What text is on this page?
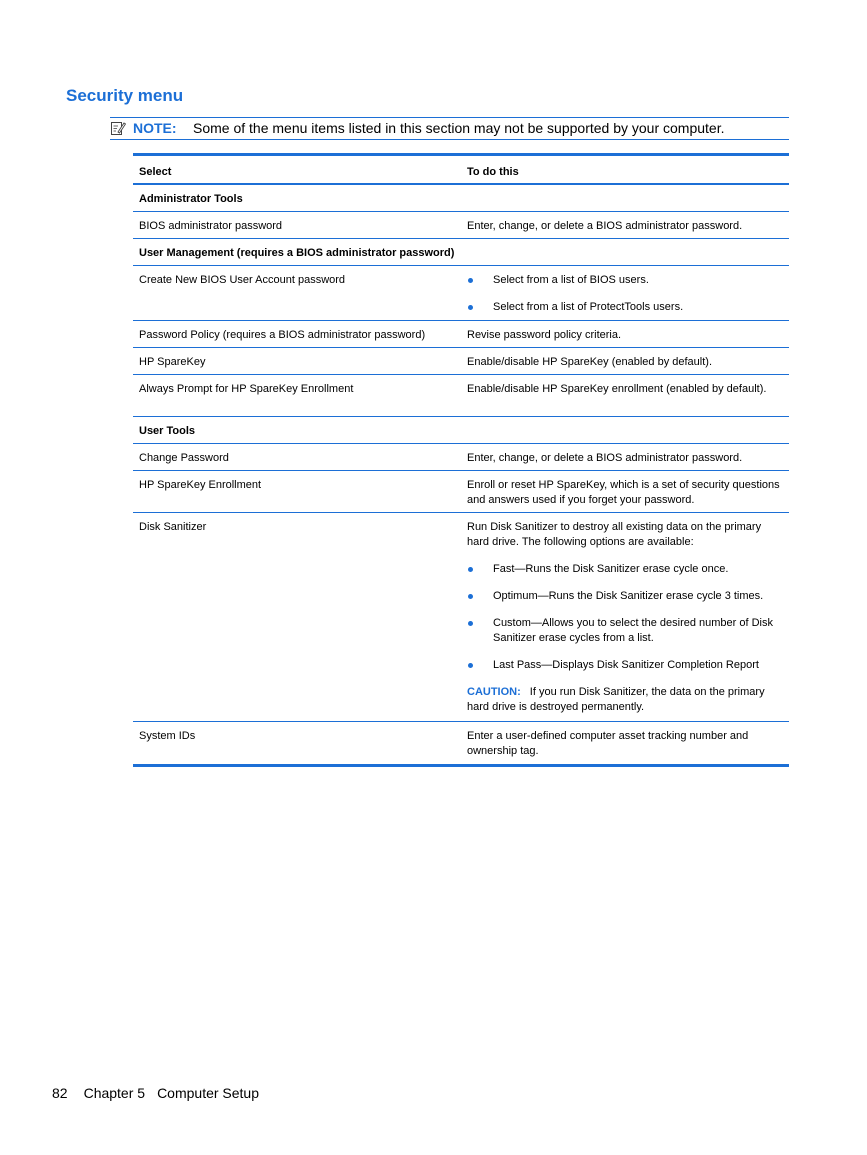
Security menu
NOTE: Some of the menu items listed in this section may not be supported by your computer.
Select	To do this
Administrator Tools
BIOS administrator password	Enter, change, or delete a BIOS administrator password.
User Management (requires a BIOS administrator password)
Create New BIOS User Account password	Select from a list of BIOS users.
Select from a list of ProtectTools users.
Password Policy (requires a BIOS administrator password)	Revise password policy criteria.
HP SpareKey	Enable/disable HP SpareKey (enabled by default).
Always Prompt for HP SpareKey Enrollment	Enable/disable HP SpareKey enrollment (enabled by default).
User Tools
Change Password	Enter, change, or delete a BIOS administrator password.
HP SpareKey Enrollment	Enroll or reset HP SpareKey, which is a set of security questions and answers used if you forget your password.
Disk Sanitizer	Run Disk Sanitizer to destroy all existing data on the primary hard drive. The following options are available:
Fast—Runs the Disk Sanitizer erase cycle once.
Optimum—Runs the Disk Sanitizer erase cycle 3 times.
Custom—Allows you to select the desired number of Disk Sanitizer erase cycles from a list.
Last Pass—Displays Disk Sanitizer Completion Report
CAUTION: If you run Disk Sanitizer, the data on the primary hard drive is destroyed permanently.
System IDs	Enter a user-defined computer asset tracking number and ownership tag.
82 Chapter 5 Computer Setup
